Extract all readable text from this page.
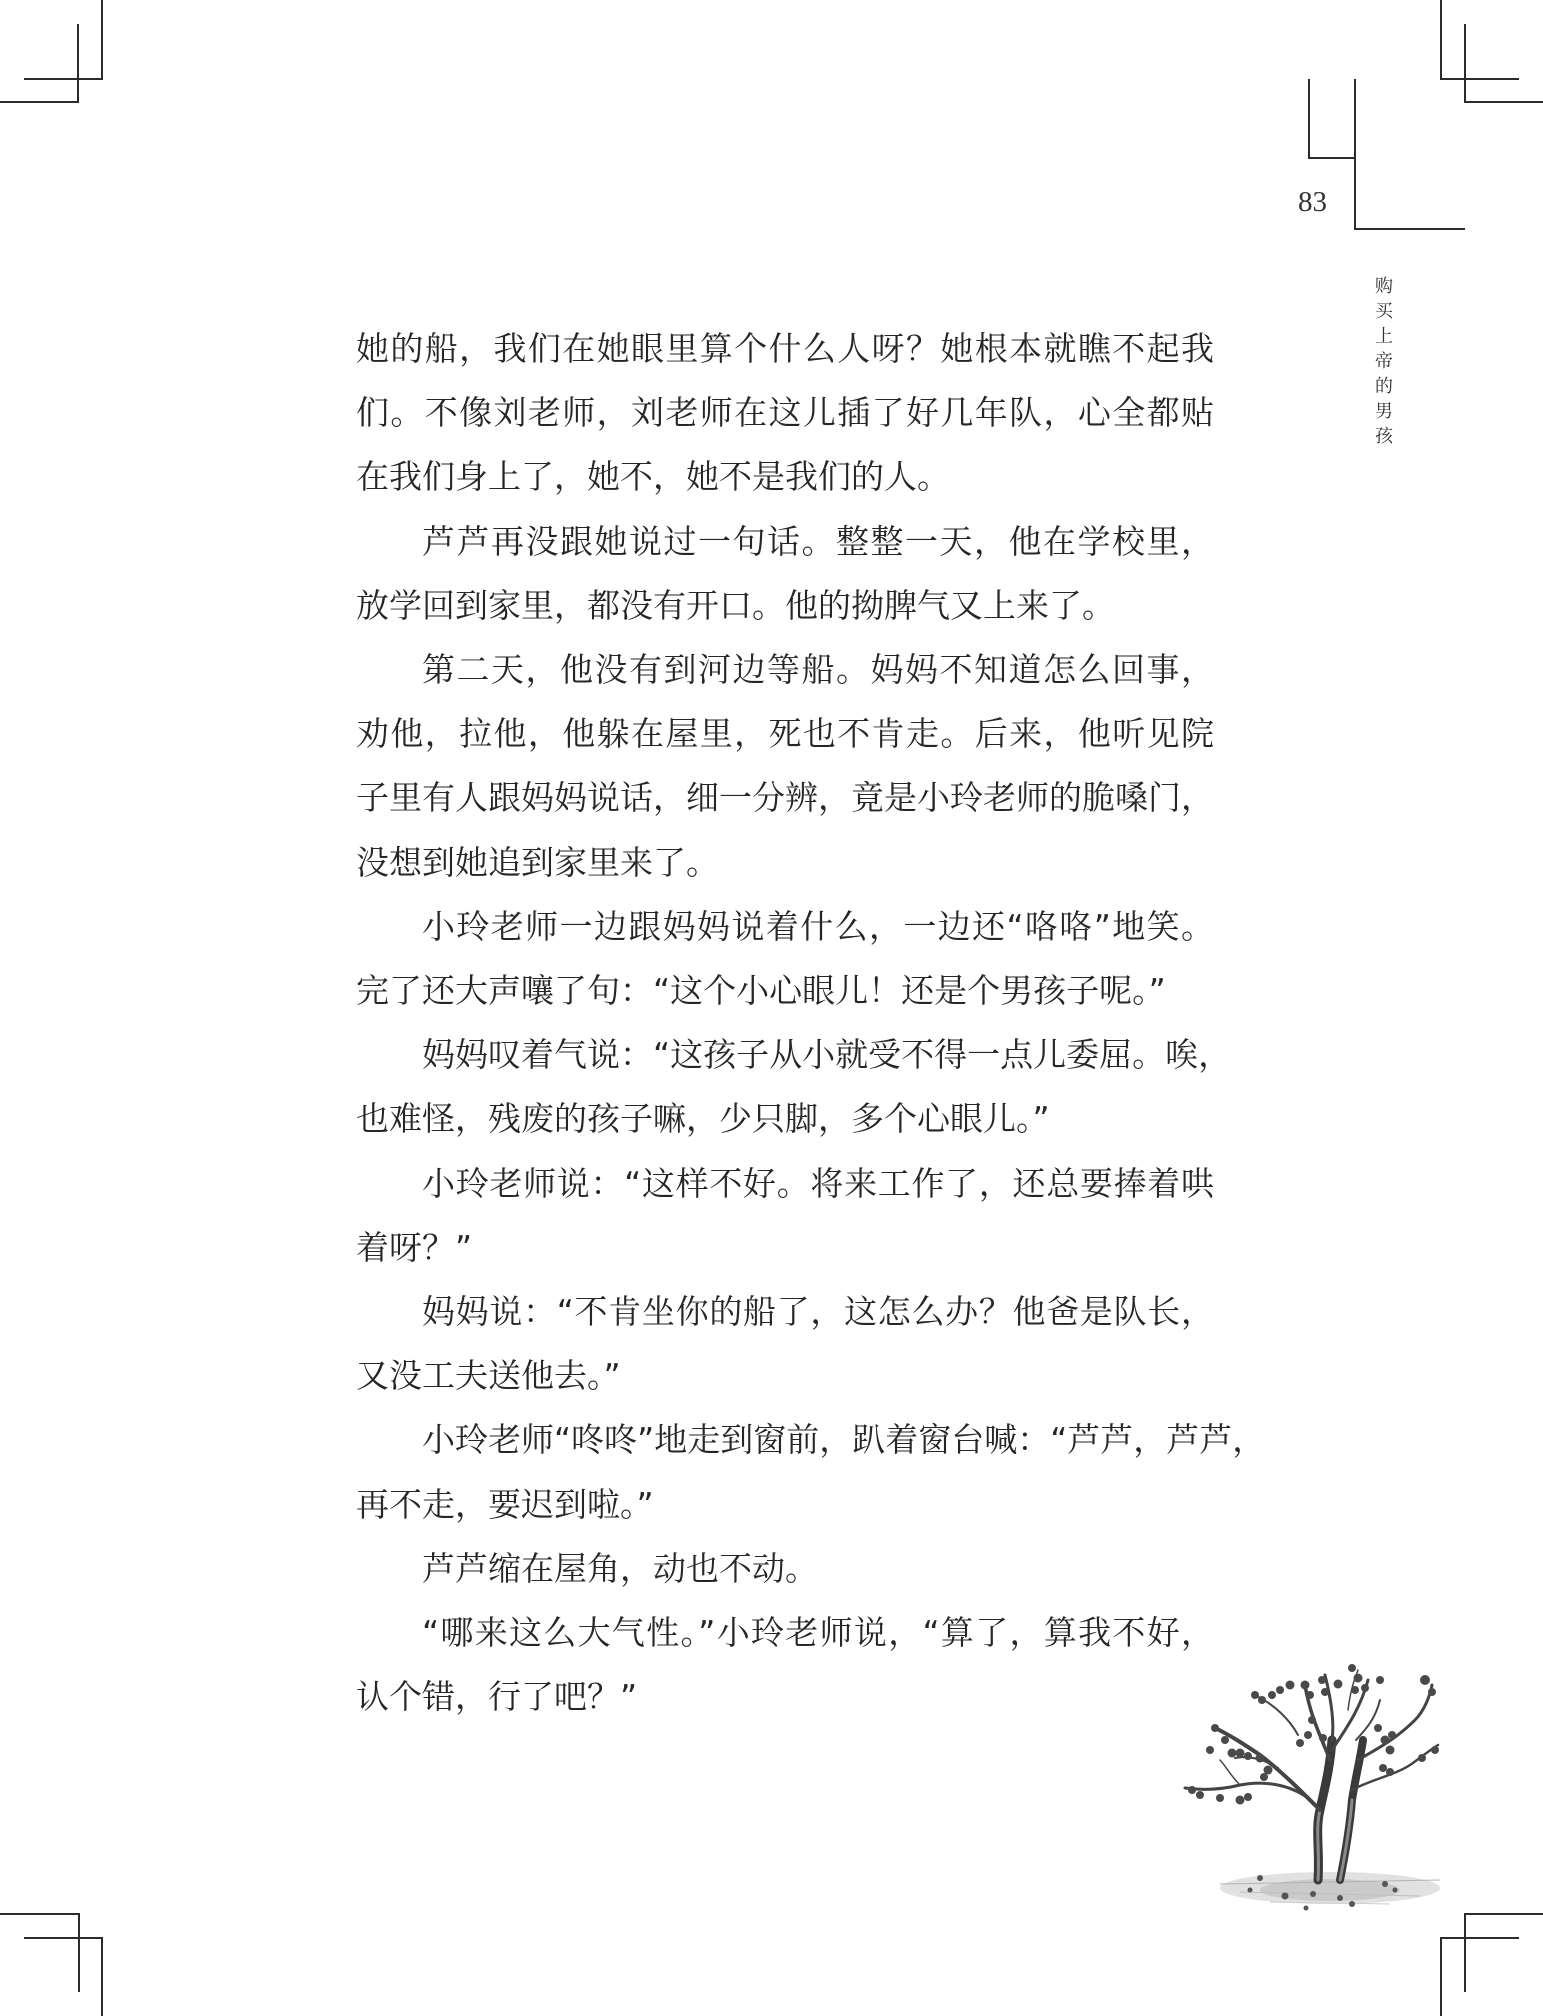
83
购
买
上
帝
的
男
孩
她的船，我们在她眼里算个什么人呀？她根本就瞧不起我
们。不像刘老师，刘老师在这儿插了好几年队，心全都贴
在我们身上了，她不，她不是我们的人。
芦芦再没跟她说过一句话。整整一天，他在学校里，
放学回到家里，都没有开口。他的拗脾气又上来了。
第二天，他没有到河边等船。妈妈不知道怎么回事，
劝他，拉他，他躲在屋里，死也不肯走。后来，他听见院
子里有人跟妈妈说话，细一分辨，竟是小玲老师的脆嗓门，
没想到她追到家里来了。
小玲老师一边跟妈妈说着什么，一边还“咯咯”地笑。
完了还大声嚷了句：“这个小心眼儿！还是个男孩子呢。”
妈妈叹着气说：“这孩子从小就受不得一点儿委屈。唉，
也难怪，残废的孩子嘛，少只脚，多个心眼儿。”
小玲老师说：“这样不好。将来工作了，还总要捧着哄
着呀？”
妈妈说：“不肯坐你的船了，这怎么办？他爸是队长，
又没工夫送他去。”
小玲老师“咚咚”地走到窗前，趴着窗台喊：“芦芦，芦芦，
再不走，要迟到啦。”
芦芦缩在屋角，动也不动。
“哪来这么大气性。”小玲老师说，“算了，算我不好，
认个错，行了吧？”
